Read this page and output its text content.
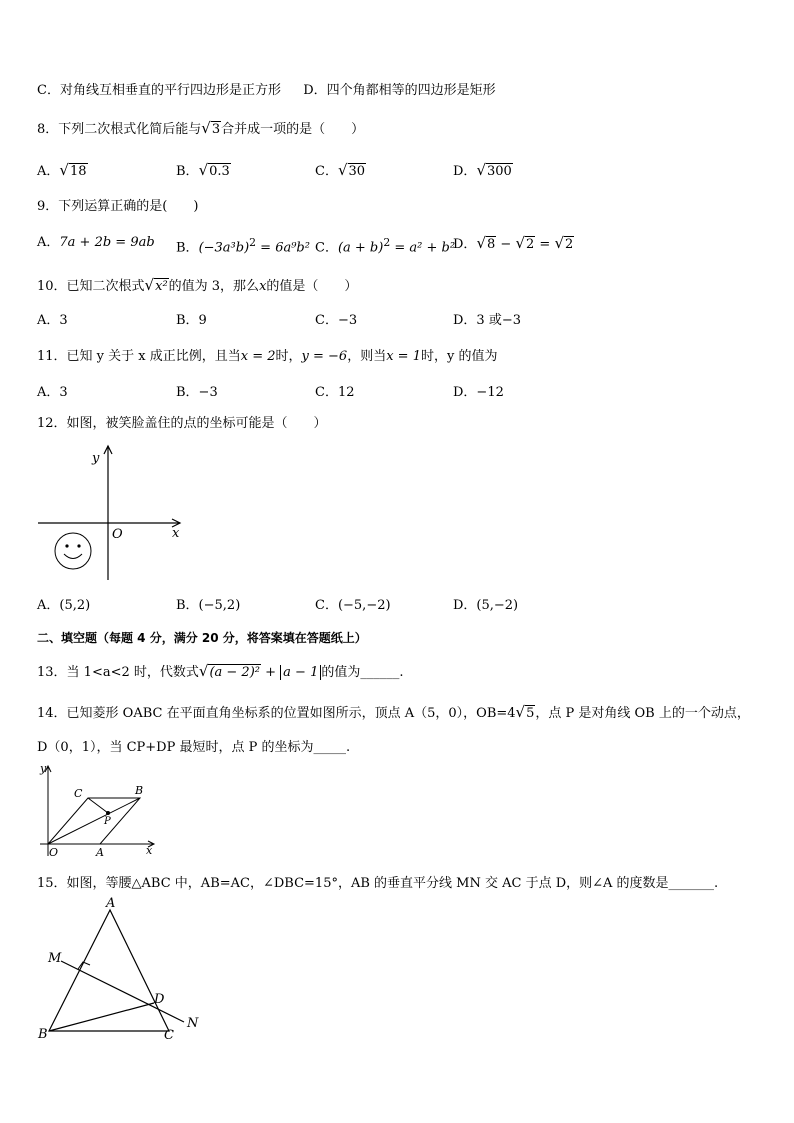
C．对角线互相垂直的平行四边形是正方形 D．四个角都相等的四边形是矩形
8．下列二次根式化简后能与√3合并成一项的是（　　）
A．√18	B．√0.3	C．√30	D．√300
9．下列运算正确的是(　　)
A．7a + 2b = 9ab B．$(-3a^3b)^2 = 6a^9b^2$ C．$(a + b)^2 = a^2 + b^2$
D．√8 − √2 = √2
10．已知二次根式√x²的值为 3，那么x的值是（　　）
A．3	B．9	C．−3	D．3 或−3
11．已知 y 关于 x 成正比例，且当x = 2时，y = −6，则当x = 1时，y 的值为
A．3	B．−3	C．12	D．−12
12．如图，被笑脸盖住的点的坐标可能是（　　）
y
x
O
A．(5,2)	B．(−5,2)	C．(−5,−2)	D．(5,−2)
二、填空题（每题 4 分，满分 20 分，将答案填在答题纸上）
13．当 1<a<2 时，代数式√(a − 2)² + a − 1 的值为______.
14．已知菱形 OABC 在平面直角坐标系的位置如图所示，顶点 A（5，0），OB=4√5，点 P 是对角线 OB 上的一个动点，
D（0，1），当 CP+DP 最短时，点 P 的坐标为_____.
y
x
O	A
B
C
P
15．如图，等腰△ABC 中，AB=AC，∠DBC=15°，AB 的垂直平分线 MN 交 AC 于点 D，则∠A 的度数是_______.
A
B	C
D
M
N
